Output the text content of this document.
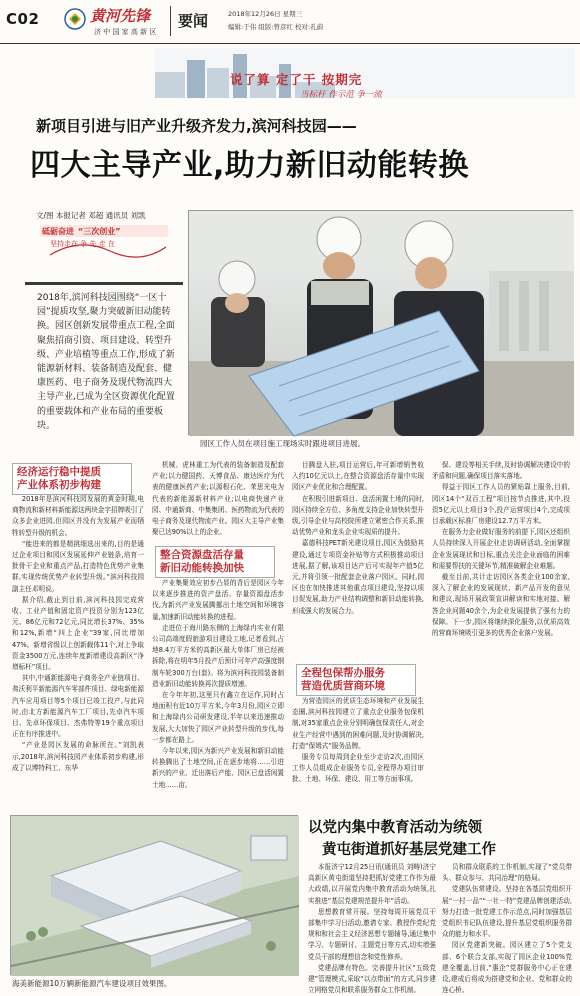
C02	黄河先锋
济 中 国 家 高 新 区
要闻	2018年12月26日 星期三
编辑:于伟 组版:曾彦红 校对:孔蔚
说了算 定了干 按期完
当标杆 作示范 争一流
新项目引进与旧产业升级齐发力,滨河科技园——
四大主导产业,助力新旧动能转换
文/图 本报记者 邓超 通讯员 刘凯
砥砺奋进 “三次创业”
坚持走在 争 先 走 在

2018年,滨河科技园围绕“一区十园”提质攻坚,聚力突破新旧动能转换。园区创新发展带重点工程,全面聚焦招商引资、项目建设、转型升级、产业培植等重点工作,形成了新能源新材料、装备制造及配套、健康医药、电子商务及现代物流四大主导产业,已成为全区资源优化配置的重要载体和产业布局的重要板块。

园区工作人员在项目施工现场实时跟进项目进展。
经济运行稳中提质
产业体系初步构建

2018年是滨河科技园发展的黄金时期,电商物流和新材料新能源这两块金字招牌吸引了众多企业进园,但园区并没有为发展产业而牺牲转型升级的机会。

“能进来的都是精挑细选出来的,目的是通过企业项目和园区发展延伸产业链条,培育一批骨干企业和重点产品,打造特色优势产业集群,实现传统优势产业转型升级。”滨河科技园副主任邓明说。

据介绍,截止到目前,滨河科技园完成营收、工业产值和固定资产投资分别为123亿元、86亿元和72亿元,同比增长37%、35%和12%,新增“四上企业”39家,同比增加47%。新增省级以上创新载体11个,对上争取资金3500万元,连续年度新增建设高新区“净增标杆”项目。

其中,中通新能源电子商务全产业链项目、弗沃利平新能源汽车零部件项目、绿电新能源汽车应用项目等5个项目已竣工投产,与此同时,由北方新能源汽车工厂项目,先卓汽车项目、先卓环保项目、杰弗特等19个重点项目正在有序推进中。

“产业是园区发展的命脉所在。”刘凯表示,2018年,滨河科技园产业体系初步构建,形成了以博特科工、东华

机械、虎林重工为代表的装备制造及配套产业;以力健国药、天博食品、康达医疗为代表的健康医药产业;以源根石化、茉思光电为代表的新能源新材料产业;以电商快递产业园、中通新商、中集集团、医药物流为代表的电子商务及现代物流产业。园区大主导产业集聚已达90%以上的企业。

整合资源盘活存量
新旧动能转换加快

产业集聚效应初步凸显的背后是园区今年以来逐步推进的资产盘活、存量资源盘活步伐,为新兴产业发展腾挪出土地空间和环境容量,加速新旧动能转换的进程。

走进位于海川路东侧的上海绿冉实业有限公司高端度假旅游项目建设工地,记者看到,占地8.4万平方米的高新区最大单体厂房已经被拆除,将在明年5月投产后预计可年产高强度钢制车轮300万台(套)。将为滨河科技园装备制造业新旧动能转换再次提质增速。

在今年年初,这里只有鑫立在运作,同时占地面积有近10万平方米,今年3月份,园区立即和上海绿冉公司研发建设,半年以来迅速推动发展,大大加快了园区产业转型升级的步伐,每一步都在路上。

今年以来,园区为新兴产业发展和新旧动能转换腾出了土地空间,正在逐步地将……引进新兴的产业、迁出落后产能、园区已盘活闲置土地……亩。

目腾盘入驻,项目运营后,年可新增销售收入约10亿元以上,在整合资源盘活存量中实现园区产业优化和合理配置。

在积极引进新项目、盘活闲置土地的同时,园区持续全方位、多角度支持企业加快转型升级,引导企业与高校院所建立紧密合作关系,推动优势产业和龙头企业实现质的提升。

嘉德科技PET新光建设项目,园区为鼓励其建设,通过专项资金补贴等方式积极推动项目进展,据了解,该项目达产后可实现年产值5亿元,并将引领一批配套企业落户园区。同时,园区也在加快推进其他重点项目建设,坚持以项目促发展,助力产业结构调整和新旧动能转换,形成强大的发展合力。

全程包保帮办服务
营造优质营商环境

为营造园区的优质生态环境和产业发展生态圈,滨河科技园建立了重点企业服务包保机制,对35家重点企业分别明确包保责任人,对企业生产经营中遇到的困难问题,及时协调解决,打造“保姆式”服务品牌。

服务专员每周到企业至少走访2次,由园区工作人员组成企业服务专员,全程帮办项目审批、土地、环保、建设、用工等方面事项。

保、建设等相关手续,及时协调解决建设中的矛盾和问题,确保项目落实落地。

得益于园区工作人员的紧贴靠上服务,目前,园区14个“双百工程”项目按节点推进,其中,投资5亿元以上项目3个,投产运营项目4个,完成项目承载区标准厂房建设12.7万平方米。

在服务力企业做好服务的前提下,园区还组织人员持续深入开展企业走访调研活动,全面掌握企业发展现状和目标,重点关注企业面临的困难和需要帮扶的关键环节,精准破解企业难题。

截至目前,共计走访园区各类企业100余家,深入了解企业的发展现状、新产品开发的意见和建议,现场开展政策宣讲解读和实地对接。解答企业问题40余个,为企业发展提供了强有力的保障。下一步,园区将继续深化服务,以优质高效的营商环境吸引更多的优秀企业落户发展。

以党内集中教育活动为统领
黄屯街道抓好基层党建工作

本报济宁12月25日讯(通讯员 刘畴)济宁高新区黄屯街道坚持把抓好党建工作作为最大政绩,以开展党内集中教育活动为统领,扎实推进“基层党建规范提升年”活动。

思想教育常开展。坚持每周开展党员干部集中学习日活动,邀请专家、教授作党纪党规和和社会主义经济思想专题辅导,通过集中学习、专题研讨、主题党日等方式,切实增强党员干部的理想信念和党性修养。

党建品牌有特色。完善提升社区“五级党建”管理模式,采取“以点带面”的方式,同步建立网格党员和联系服务群众工作机制。

员和群众联系的工作机制,实现了“党员带头、群众参与、共同治理”的格局。

党建队伍常建设。坚持在各基层党组织开展“一村一品”“一社一特”党建品牌创建活动,努力打造一批党建工作示范点,同时加强基层党组织书记队伍建设,提升基层党组织服务群众的能力和水平。

园区党建新突破。园区建立了5个党支部、6个联合支部,实现了园区企业100%党建全覆盖,目前,“惠企”党群服务中心正在建设,建成后将成为搭建党和企业、党和群众的连心桥。

海美新能源10万辆新能源汽车建设项目效果图。
